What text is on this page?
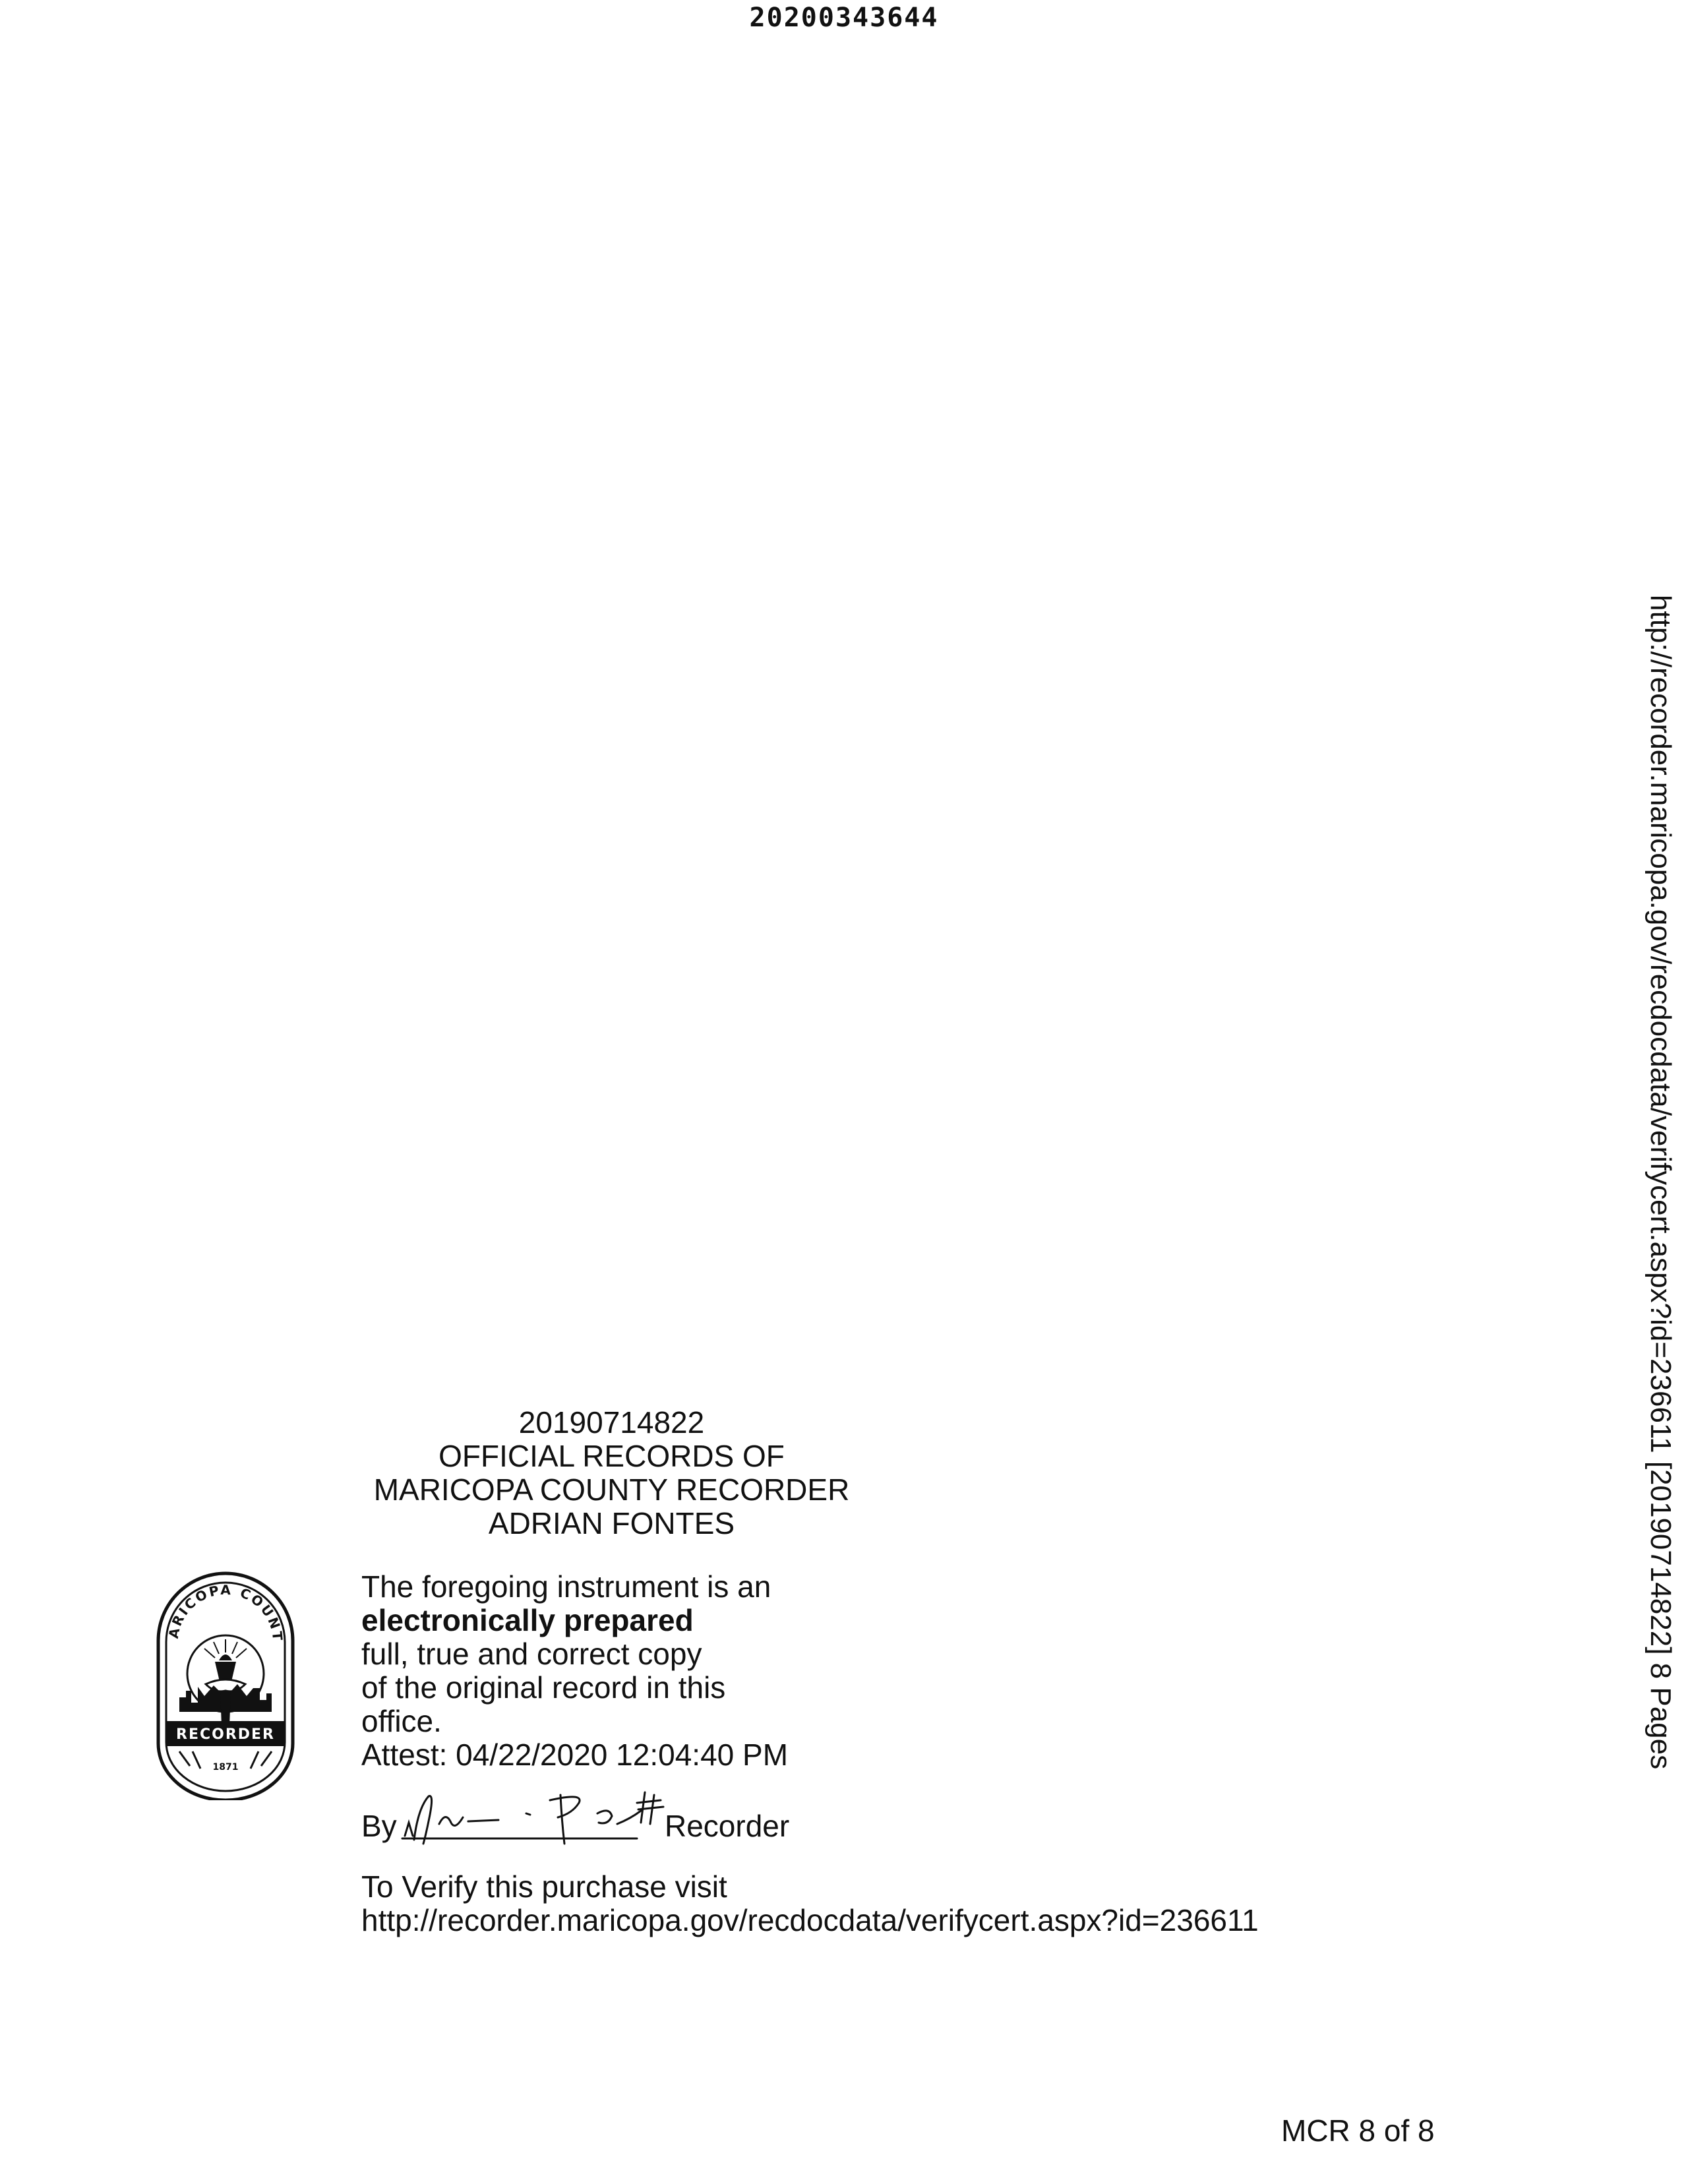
20200343644
http://recorder.maricopa.gov/recdocdata/verifycert.aspx?id=236611 [20190714822] 8 Pages
20190714822
OFFICIAL RECORDS OF
MARICOPA COUNTY RECORDER
ADRIAN FONTES
ARICOPA COUNT
RECORDER
1871
The foregoing instrument is an
electronically prepared
full, true and correct copy
of the original record in this
office.
Attest: 04/22/2020 12:04:40 PM
By	Recorder
To Verify this purchase visit
http://recorder.maricopa.gov/recdocdata/verifycert.aspx?id=236611
MCR 8 of 8
